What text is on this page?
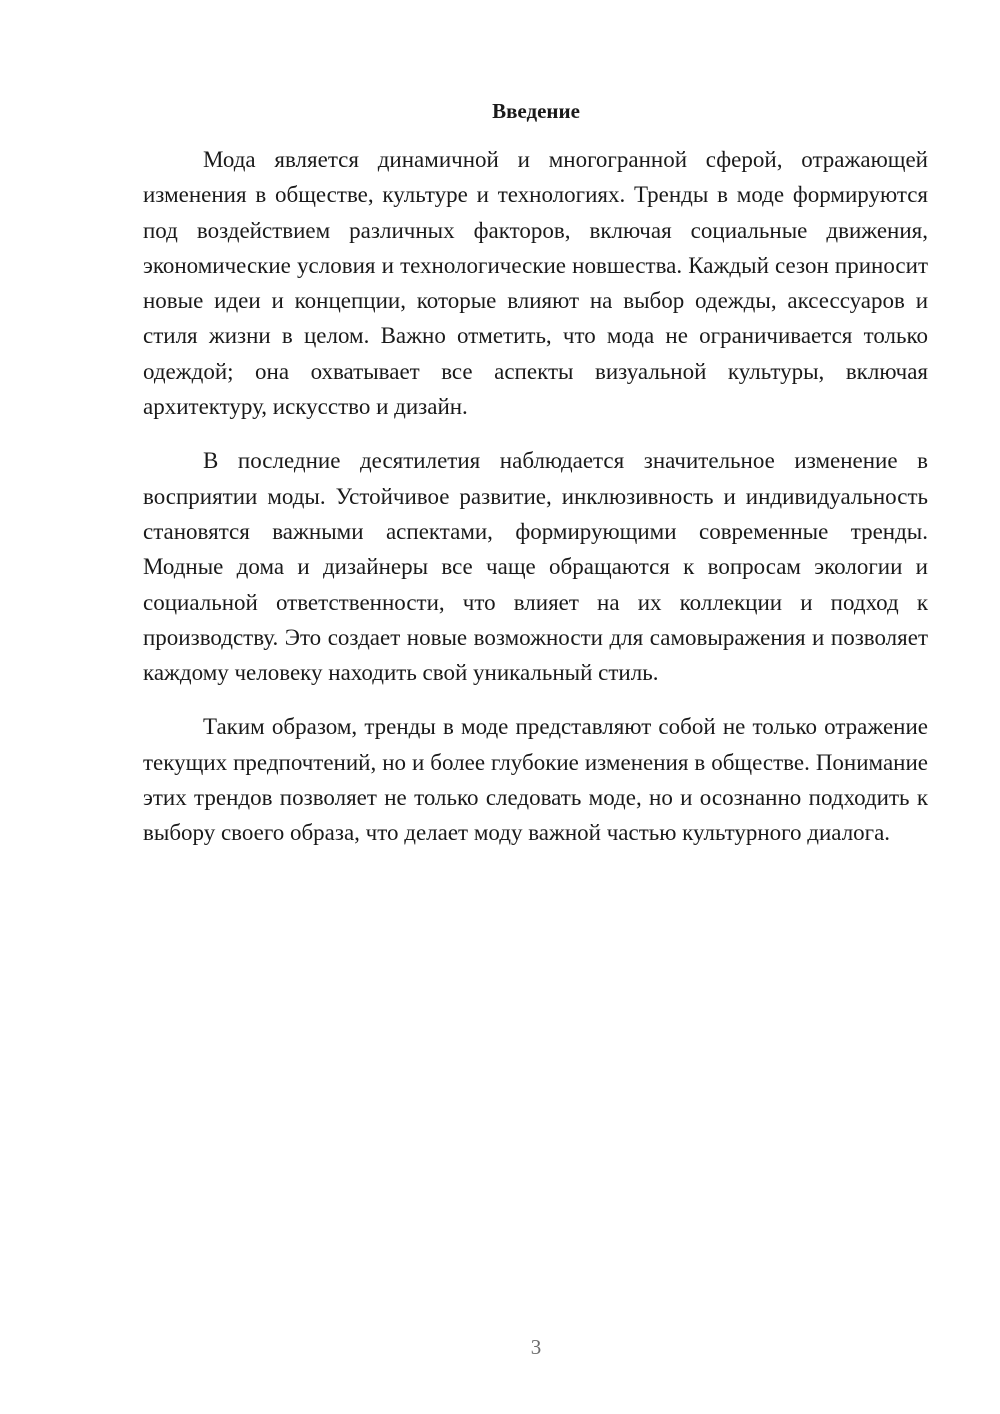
Введение

Мода является динамичной и многогранной сферой, отражающей изменения в обществе, культуре и технологиях. Тренды в моде формируются под воздействием различных факторов, включая социальные движения, экономические условия и технологические новшества. Каждый сезон приносит новые идеи и концепции, которые влияют на выбор одежды, аксессуаров и стиля жизни в целом. Важно отметить, что мода не ограничивается только одеждой; она охватывает все аспекты визуальной культуры, включая архитектуру, искусство и дизайн.

В последние десятилетия наблюдается значительное изменение в восприятии моды. Устойчивое развитие, инклюзивность и индивидуальность становятся важными аспектами, формирующими современные тренды. Модные дома и дизайнеры все чаще обращаются к вопросам экологии и социальной ответственности, что влияет на их коллекции и подход к производству. Это создает новые возможности для самовыражения и позволяет каждому человеку находить свой уникальный стиль.

Таким образом, тренды в моде представляют собой не только отражение текущих предпочтений, но и более глубокие изменения в обществе. Понимание этих трендов позволяет не только следовать моде, но и осознанно подходить к выбору своего образа, что делает моду важной частью культурного диалога.

3
